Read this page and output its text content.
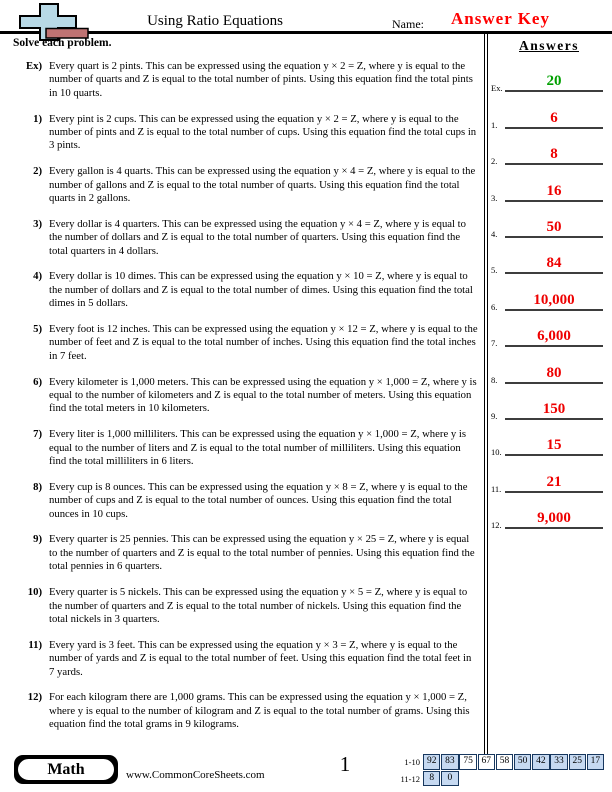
Using Ratio Equations	Name:	Answer Key
Solve each problem.	Answers
Ex.	20
1.	6
2.	8
3.	16
4.	50
5.	84
6.	10,000
7.	6,000
8.	80
9.	150
10.	15
11.	21
12.	9,000
Ex) Every quart is 2 pints. This can be expressed using the equation y × 2 = Z, where y is equal to the number of quarts and Z is equal to the total number of pints. Using this equation find the total pints in 10 quarts.
1) Every pint is 2 cups. This can be expressed using the equation y × 2 = Z, where y is equal to the number of pints and Z is equal to the total number of cups. Using this equation find the total cups in 3 pints.
2) Every gallon is 4 quarts. This can be expressed using the equation y × 4 = Z, where y is equal to the number of gallons and Z is equal to the total number of quarts. Using this equation find the total quarts in 2 gallons.
3) Every dollar is 4 quarters. This can be expressed using the equation y × 4 = Z, where y is equal to the number of dollars and Z is equal to the total number of quarters. Using this equation find the total quarters in 4 dollars.
4) Every dollar is 10 dimes. This can be expressed using the equation y × 10 = Z, where y is equal to the number of dollars and Z is equal to the total number of dimes. Using this equation find the total dimes in 5 dollars.
5) Every foot is 12 inches. This can be expressed using the equation y × 12 = Z, where y is equal to the number of feet and Z is equal to the total number of inches. Using this equation find the total inches in 7 feet.
6) Every kilometer is 1,000 meters. This can be expressed using the equation y × 1,000 = Z, where y is equal to the number of kilometers and Z is equal to the total number of meters. Using this equation find the total meters in 10 kilometers.
7) Every liter is 1,000 milliliters. This can be expressed using the equation y × 1,000 = Z, where y is equal to the number of liters and Z is equal to the total number of milliliters. Using this equation find the total milliliters in 6 liters.
8) Every cup is 8 ounces. This can be expressed using the equation y × 8 = Z, where y is equal to the number of cups and Z is equal to the total number of ounces. Using this equation find the total ounces in 10 cups.
9) Every quarter is 25 pennies. This can be expressed using the equation y × 25 = Z, where y is equal to the number of quarters and Z is equal to the total number of pennies. Using this equation find the total pennies in 6 quarters.
10) Every quarter is 5 nickels. This can be expressed using the equation y × 5 = Z, where y is equal to the number of quarters and Z is equal to the total number of nickels. Using this equation find the total nickels in 3 quarters.
11) Every yard is 3 feet. This can be expressed using the equation y × 3 = Z, where y is equal to the number of yards and Z is equal to the total number of feet. Using this equation find the total feet in 7 yards.
12) For each kilogram there are 1,000 grams. This can be expressed using the equation y × 1,000 = Z, where y is equal to the number of kilogram and Z is equal to the total number of grams. Using this equation find the total grams in 9 kilograms.
Math	www.CommonCoreSheets.com	1	1-10 92 83 75 67 58 50 42 33 25 17
11-12 8	0
